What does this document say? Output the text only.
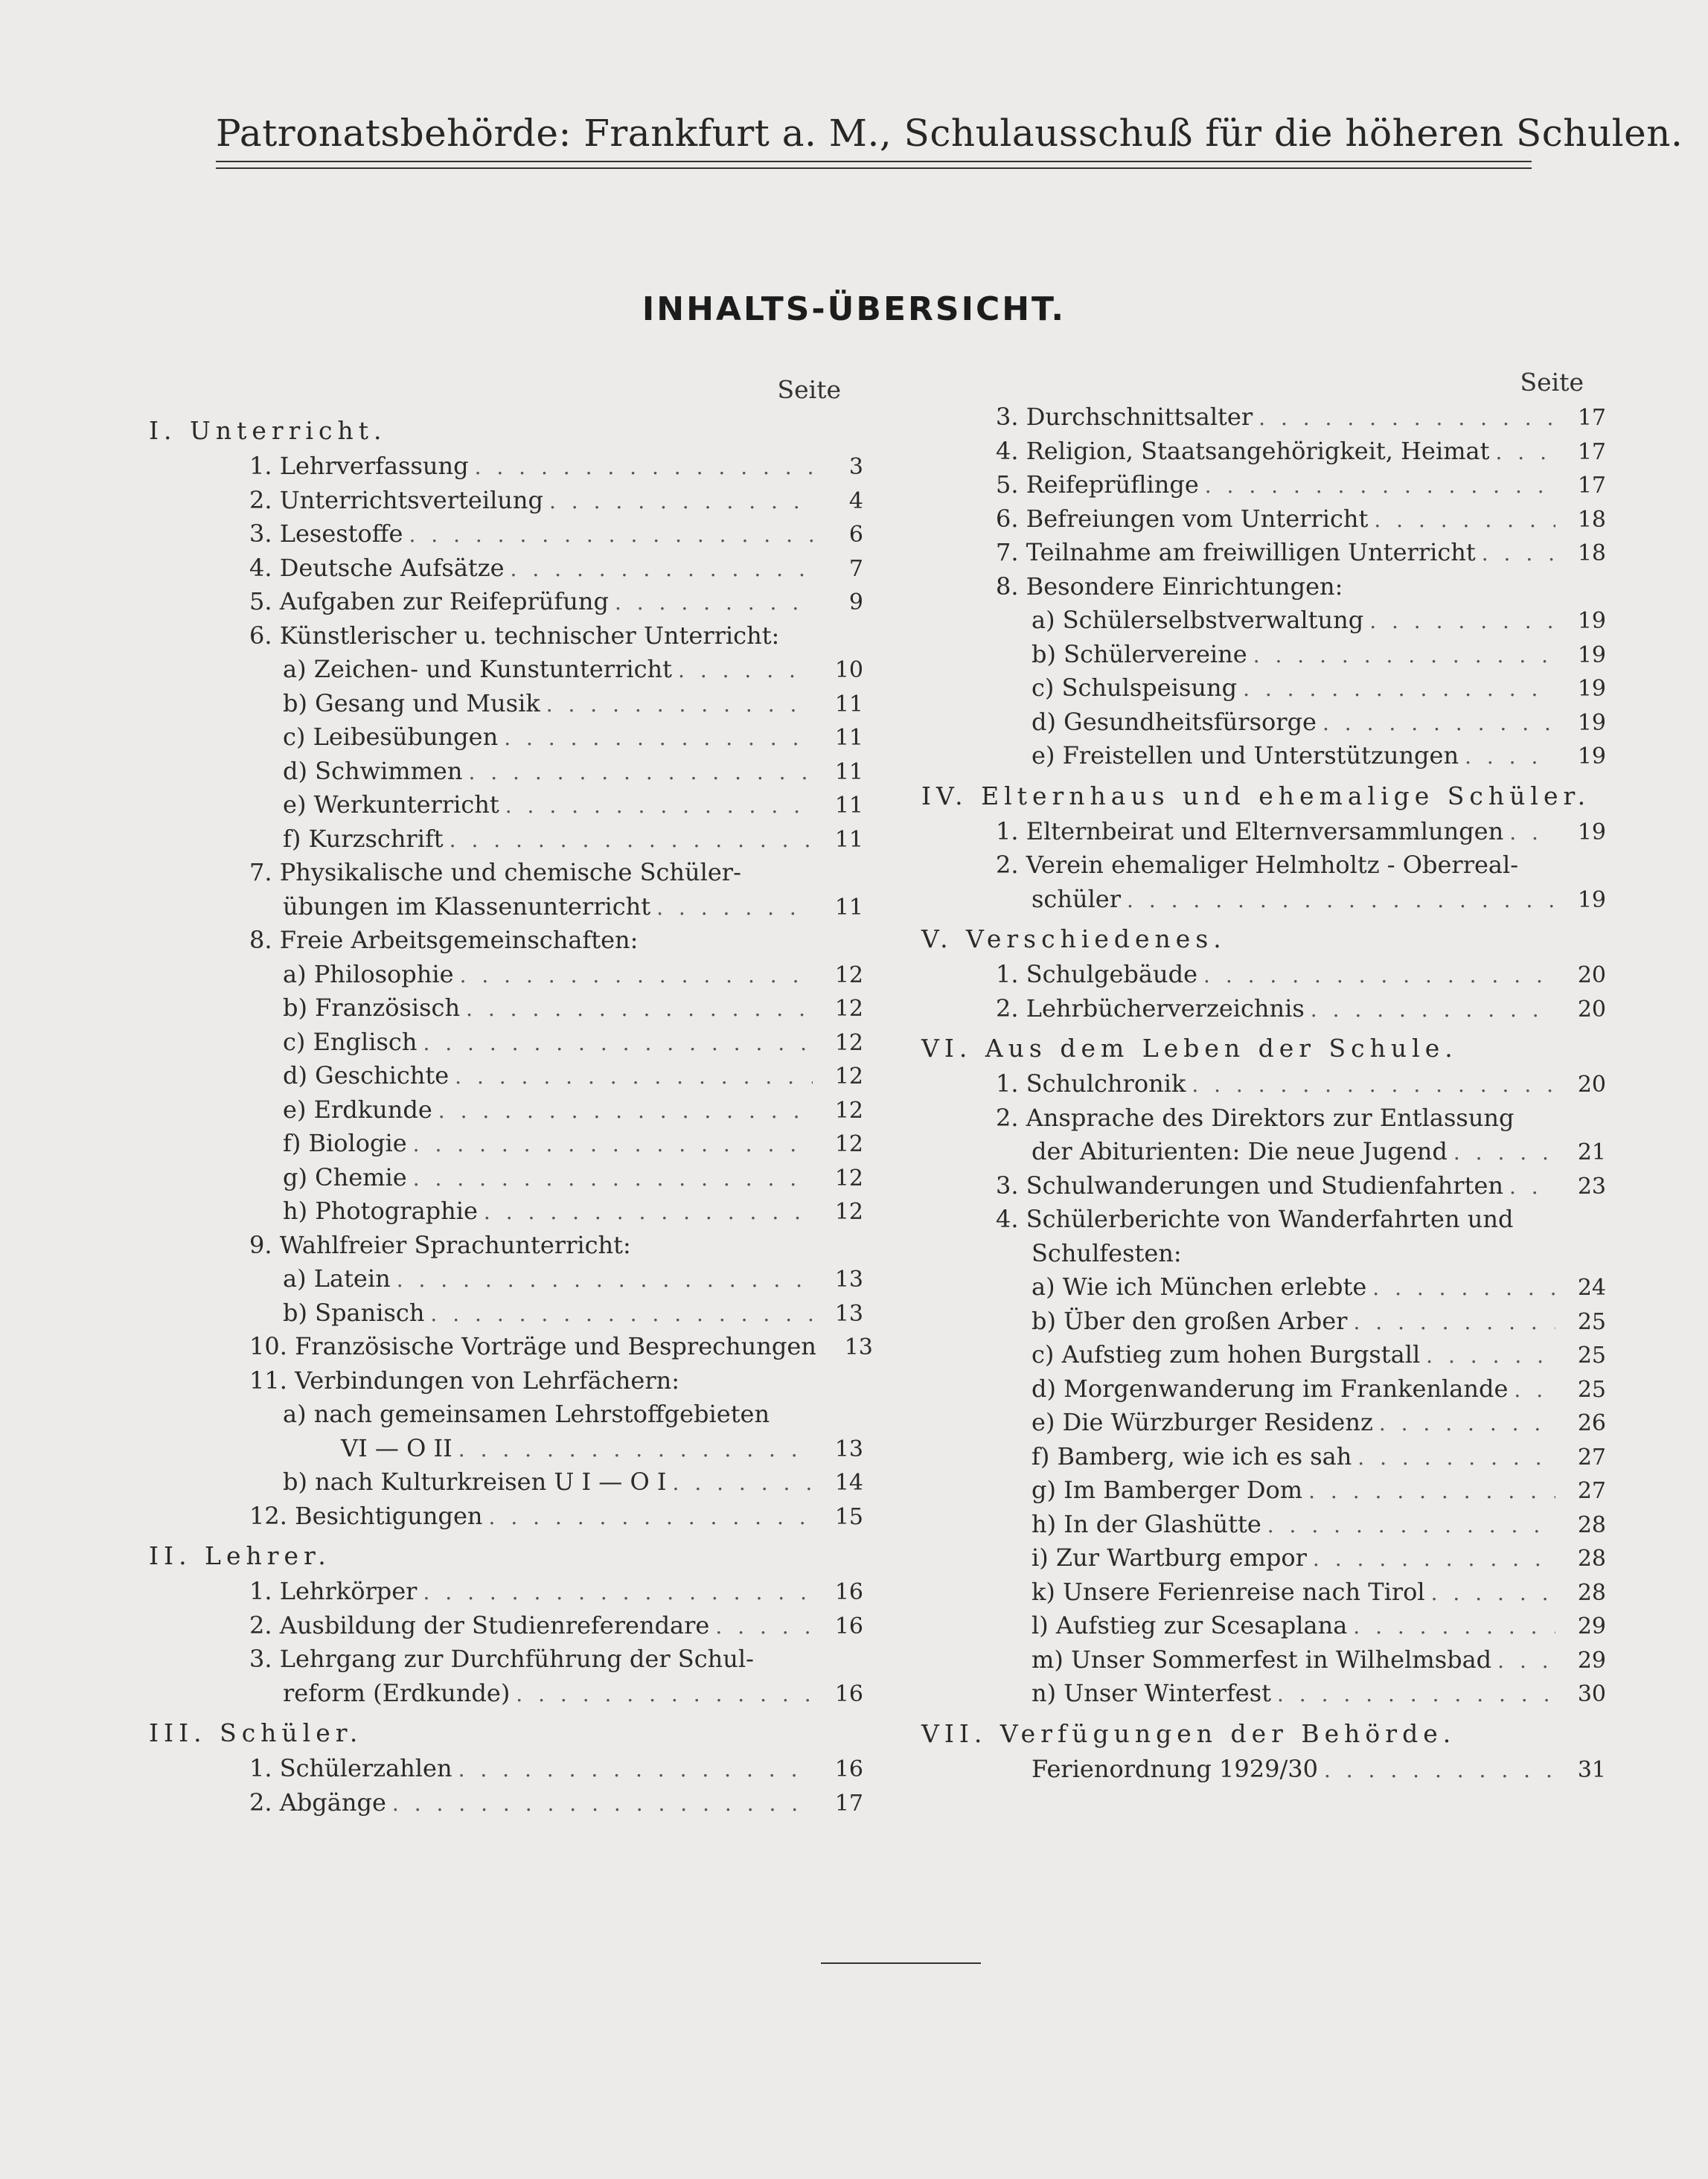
Patronatsbehörde: Frankfurt a. M., Schulausschuß für die höheren Schulen.
INHALTS-ÜBERSICHT.
Seite
I. Unterricht.
1. Lehrverfassung . . .	3
2. Unterrichtsverteilung . . .	4
3. Lesestoffe . . .	6
4. Deutsche Aufsätze . . .	7
5. Aufgaben zur Reifeprüfung . . .	9
6. Künstlerischer u. technischer Unterricht:
a) Zeichen- und Kunstunterricht . . .	10
b) Gesang und Musik . . .	11
c) Leibesübungen . . .	11
d) Schwimmen . . .	11
e) Werkunterricht . . .	11
f) Kurzschrift . . .	11
7. Physikalische und chemische Schüler-
übungen im Klassenunterricht . . .	11
8. Freie Arbeitsgemeinschaften:
a) Philosophie . . .	12
b) Französisch . . .	12
c) Englisch . . .	12
d) Geschichte . . .	12
e) Erdkunde . . .	12
f) Biologie . . .	12
g) Chemie . . .	12
h) Photographie . . .	12
9. Wahlfreier Sprachunterricht:
a) Latein . . .	13
b) Spanisch . . .	13
10. Französische Vorträge und Besprechungen	13
11. Verbindungen von Lehrfächern:
a) nach gemeinsamen Lehrstoffgebieten
VI — O II . . .	13
b) nach Kulturkreisen U I — O I . . .	14
12. Besichtigungen . . .	15
II. Lehrer.
1. Lehrkörper . . .	16
2. Ausbildung der Studienreferendare . . .	16
3. Lehrgang zur Durchführung der Schul-
reform (Erdkunde) . . .	16
III. Schüler.
1. Schülerzahlen . . .	16
2. Abgänge . . .	17
Seite
3. Durchschnittsalter . . .	17
4. Religion, Staatsangehörigkeit, Heimat . . .	17
5. Reifeprüflinge . . .	17
6. Befreiungen vom Unterricht . . .	18
7. Teilnahme am freiwilligen Unterricht . . .	18
8. Besondere Einrichtungen:
a) Schülerselbstverwaltung . . .	19
b) Schülervereine . . .	19
c) Schulspeisung . . .	19
d) Gesundheitsfürsorge . . .	19
e) Freistellen und Unterstützungen . . .	19
IV. Elternhaus und ehemalige Schüler.
1. Elternbeirat und Elternversammlungen . . .	19
2. Verein ehemaliger Helmholtz - Oberreal-
schüler . . .	19
V. Verschiedenes.
1. Schulgebäude . . .	20
2. Lehrbücherverzeichnis . . .	20
VI. Aus dem Leben der Schule.
1. Schulchronik . . .	20
2. Ansprache des Direktors zur Entlassung
der Abiturienten: Die neue Jugend . . .	21
3. Schulwanderungen und Studienfahrten . . .	23
4. Schülerberichte von Wanderfahrten und
Schulfesten:
a) Wie ich München erlebte . . .	24
b) Über den großen Arber . . .	25
c) Aufstieg zum hohen Burgstall . . .	25
d) Morgenwanderung im Frankenlande . . .	25
e) Die Würzburger Residenz . . .	26
f) Bamberg, wie ich es sah . . .	27
g) Im Bamberger Dom . . .	27
h) In der Glashütte . . .	28
i) Zur Wartburg empor . . .	28
k) Unsere Ferienreise nach Tirol . . .	28
l) Aufstieg zur Scesaplana . . .	29
m) Unser Sommerfest in Wilhelmsbad . . .	29
n) Unser Winterfest . . .	30
VII. Verfügungen der Behörde.
Ferienordnung 1929/30 . . .	31
